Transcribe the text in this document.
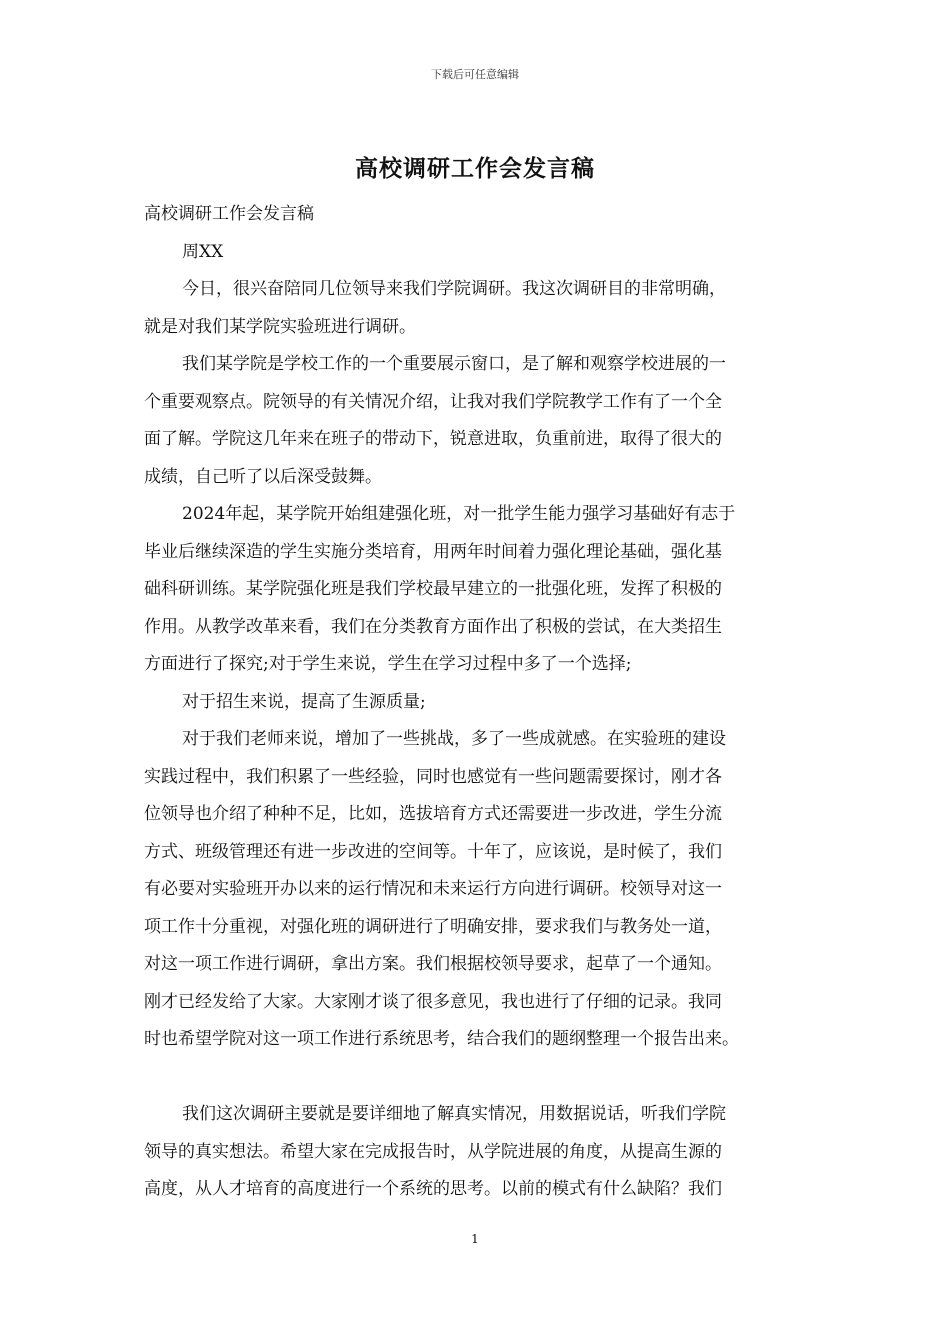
下载后可任意编辑
高校调研工作会发言稿
高校调研工作会发言稿
周XX
今日，很兴奋陪同几位领导来我们学院调研。我这次调研目的非常明确，
就是对我们某学院实验班进行调研。
我们某学院是学校工作的一个重要展示窗口，是了解和观察学校进展的一
个重要观察点。院领导的有关情况介绍，让我对我们学院教学工作有了一个全
面了解。学院这几年来在班子的带动下，锐意进取，负重前进，取得了很大的
成绩，自己听了以后深受鼓舞。
2024年起，某学院开始组建强化班，对一批学生能力强学习基础好有志于
毕业后继续深造的学生实施分类培育，用两年时间着力强化理论基础，强化基
础科研训练。某学院强化班是我们学校最早建立的一批强化班，发挥了积极的
作用。从教学改革来看，我们在分类教育方面作出了积极的尝试，在大类招生
方面进行了探究;对于学生来说，学生在学习过程中多了一个选择;
对于招生来说，提高了生源质量;
对于我们老师来说，增加了一些挑战，多了一些成就感。在实验班的建设
实践过程中，我们积累了一些经验，同时也感觉有一些问题需要探讨，刚才各
位领导也介绍了种种不足，比如，选拔培育方式还需要进一步改进，学生分流
方式、班级管理还有进一步改进的空间等。十年了，应该说，是时候了，我们
有必要对实验班开办以来的运行情况和未来运行方向进行调研。校领导对这一
项工作十分重视，对强化班的调研进行了明确安排，要求我们与教务处一道，
对这一项工作进行调研，拿出方案。我们根据校领导要求，起草了一个通知。
刚才已经发给了大家。大家刚才谈了很多意见，我也进行了仔细的记录。我同
时也希望学院对这一项工作进行系统思考，结合我们的题纲整理一个报告出来。
我们这次调研主要就是要详细地了解真实情况，用数据说话，听我们学院
领导的真实想法。希望大家在完成报告时，从学院进展的角度，从提高生源的
高度，从人才培育的高度进行一个系统的思考。以前的模式有什么缺陷？我们
1
